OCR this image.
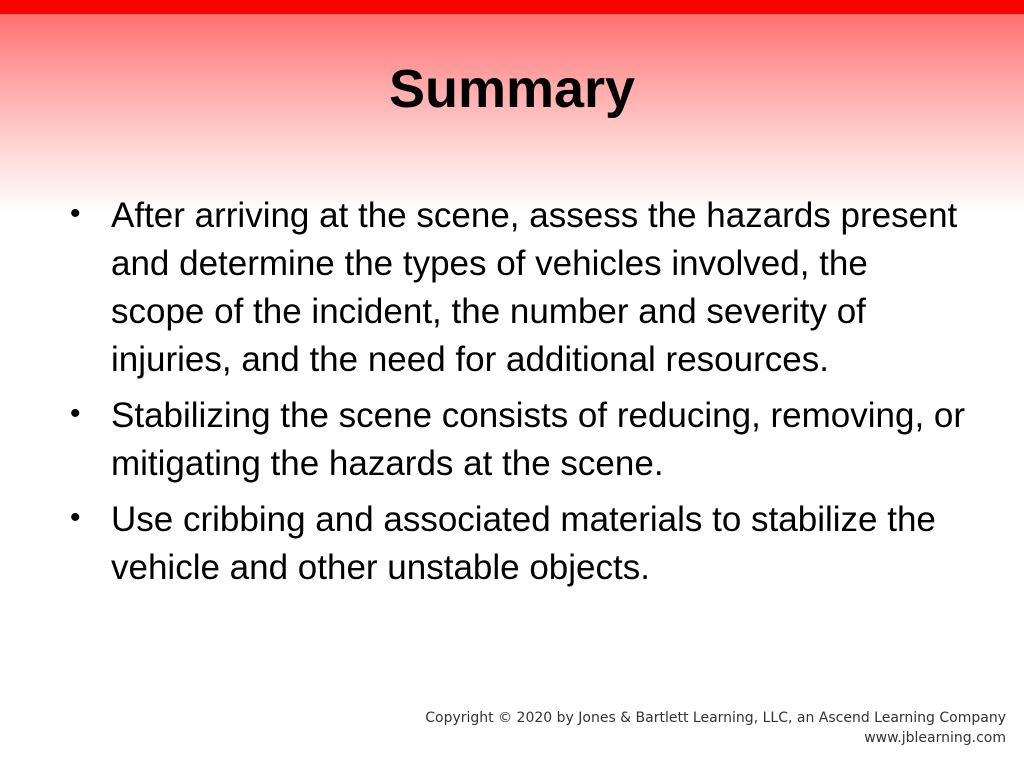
Summary
• After arriving at the scene, assess the hazards present and determine the types of vehicles involved, the scope of the incident, the number and severity of injuries, and the need for additional resources.
• Stabilizing the scene consists of reducing, removing, or mitigating the hazards at the scene.
• Use cribbing and associated materials to stabilize the vehicle and other unstable objects.
Copyright © 2020 by Jones & Bartlett Learning, LLC, an Ascend Learning Company
www.jblearning.com
